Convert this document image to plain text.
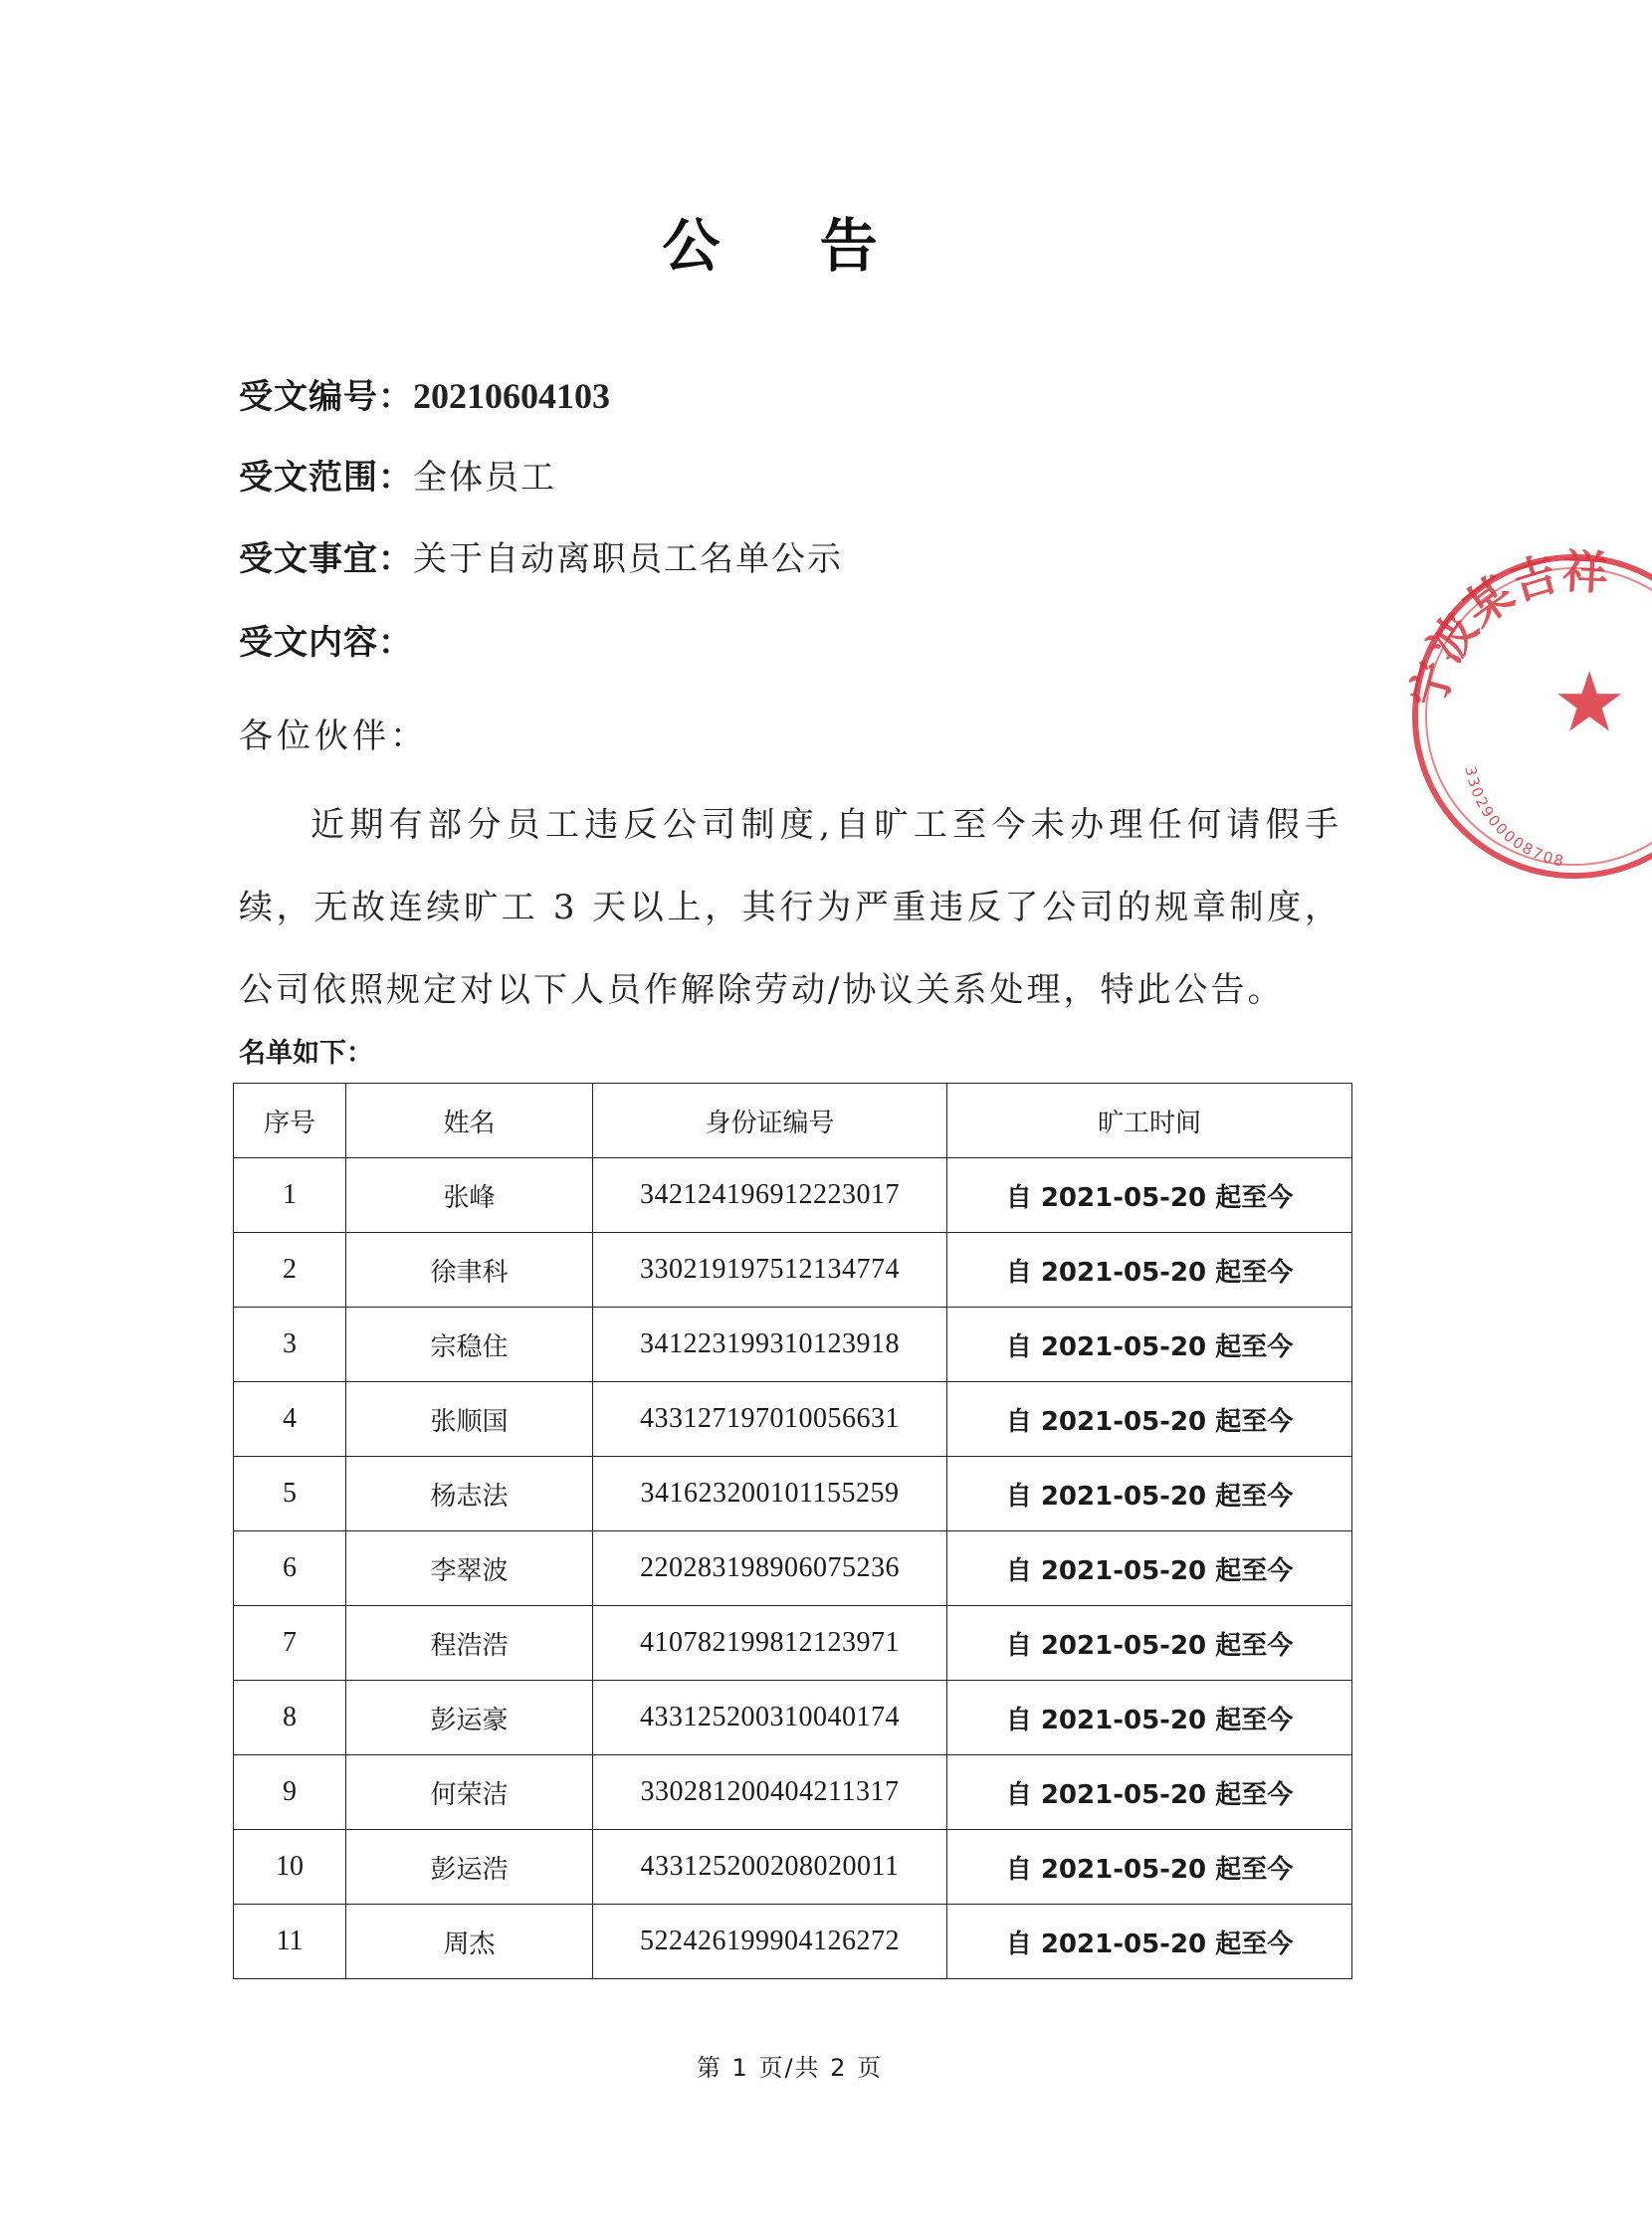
公 告
受文编号：20210604103
受文范围：全体员工
受文事宜：关于自动离职员工名单公示
受文内容：
各位伙伴：

近期有部分员工违反公司制度,自旷工至今未办理任何请假手续，无故连续旷工 3 天以上，其行为严重违反了公司的规章制度，公司依照规定对以下人员作解除劳动/协议关系处理，特此公告。

名单如下：
序号	姓名	身份证编号	旷工时间
1	张峰	342124196912223017	自 2021-05-20 起至今
2	徐聿科	330219197512134774	自 2021-05-20 起至今
3	宗稳住	341223199310123918	自 2021-05-20 起至今
4	张顺国	433127197010056631	自 2021-05-20 起至今
5	杨志法	341623200101155259	自 2021-05-20 起至今
6	李翠波	220283198906075236	自 2021-05-20 起至今
7	程浩浩	410782199812123971	自 2021-05-20 起至今
8	彭运豪	433125200310040174	自 2021-05-20 起至今
9	何荣洁	330281200404211317	自 2021-05-20 起至今
10	彭运浩	433125200208020011	自 2021-05-20 起至今
11	周杰	522426199904126272	自 2021-05-20 起至今
第 1 页/共 2 页
宁波某吉祥
3302900008708
